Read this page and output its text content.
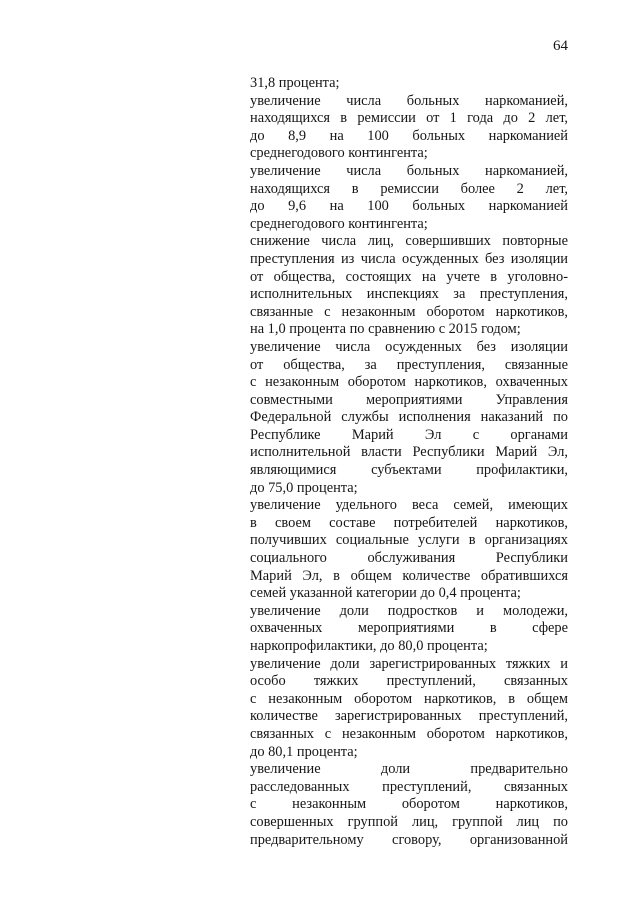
64
31,8 процента;
увеличение числа больных наркоманией,
находящихся в ремиссии от 1 года до 2 лет,
до 8,9 на 100 больных наркоманией
среднегодового контингента;
увеличение числа больных наркоманией,
находящихся в ремиссии более 2 лет,
до 9,6 на 100 больных наркоманией
среднегодового контингента;
снижение числа лиц, совершивших повторные
преступления из числа осужденных без изоляции
от общества, состоящих на учете в уголовно-
исполнительных инспекциях за преступления,
связанные с незаконным оборотом наркотиков,
на 1,0 процента по сравнению с 2015 годом;
увеличение числа осужденных без изоляции
от общества, за преступления, связанные
с незаконным оборотом наркотиков, охваченных
совместными мероприятиями Управления
Федеральной службы исполнения наказаний по
Республике Марий Эл с органами
исполнительной власти Республики Марий Эл,
являющимися субъектами профилактики,
до 75,0 процента;
увеличение удельного веса семей, имеющих
в своем составе потребителей наркотиков,
получивших социальные услуги в организациях
социального обслуживания Республики
Марий Эл, в общем количестве обратившихся
семей указанной категории до 0,4 процента;
увеличение доли подростков и молодежи,
охваченных мероприятиями в сфере
наркопрофилактики, до 80,0 процента;
увеличение доли зарегистрированных тяжких и
особо тяжких преступлений, связанных
с незаконным оборотом наркотиков, в общем
количестве зарегистрированных преступлений,
связанных с незаконным оборотом наркотиков,
до 80,1 процента;
увеличение доли предварительно
расследованных преступлений, связанных
с незаконным оборотом наркотиков,
совершенных группой лиц, группой лиц по
предварительному сговору, организованной
